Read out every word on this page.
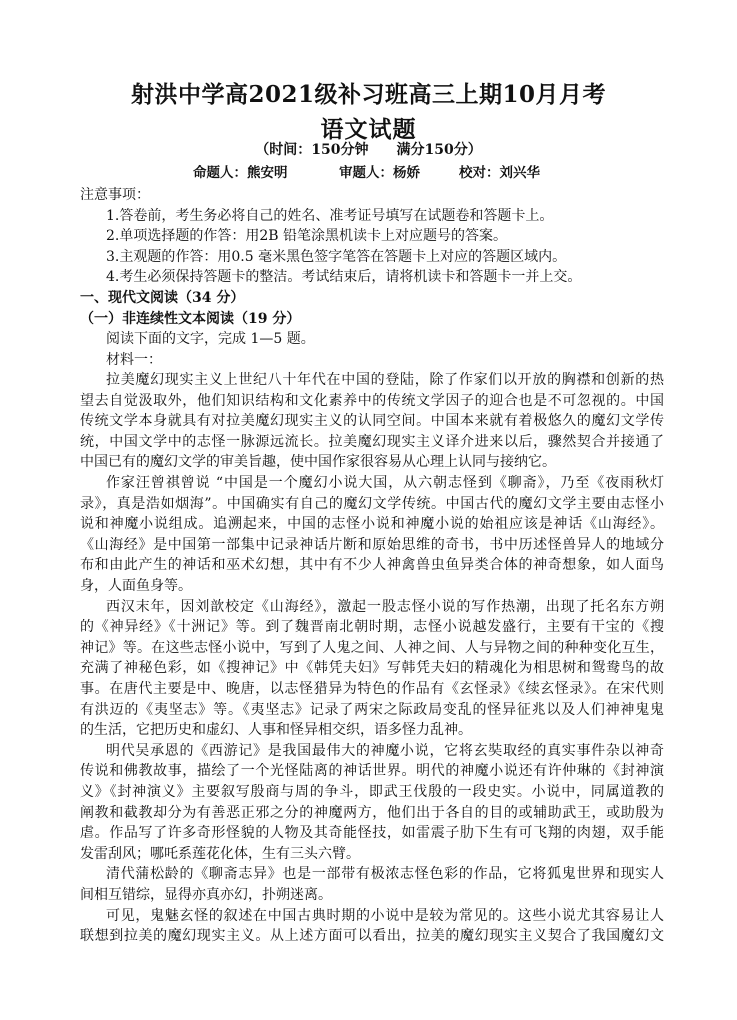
射洪中学高2021级补习班高三上期10月月考
语文试题
（时间：150分钟　　满分150分）
命题人：熊安明	审题人：杨娇	校对：刘兴华
注意事项：
1.答卷前，考生务必将自己的姓名、准考证号填写在试题卷和答题卡上。
2.单项选择题的作答：用2B 铅笔涂黑机读卡上对应题号的答案。
3.主观题的作答：用0.5 毫米黑色签字笔答在答题卡上对应的答题区域内。
4.考生必须保持答题卡的整洁。考试结束后，请将机读卡和答题卡一并上交。
一、现代文阅读（34 分）
（一）非连续性文本阅读（19 分）
阅读下面的文字，完成 1—5 题。
材料一：
拉美魔幻现实主义上世纪八十年代在中国的登陆，除了作家们以开放的胸襟和创新的热
望去自觉汲取外，他们知识结构和文化素养中的传统文学因子的迎合也是不可忽视的。中国
传统文学本身就具有对拉美魔幻现实主义的认同空间。中国本来就有着极悠久的魔幻文学传
统，中国文学中的志怪一脉源远流长。拉美魔幻现实主义译介进来以后，骤然契合并接通了
中国已有的魔幻文学的审美旨趣，使中国作家很容易从心理上认同与接纳它。
作家汪曾祺曾说 “中国是一个魔幻小说大国，从六朝志怪到《聊斋》，乃至《夜雨秋灯
录》，真是浩如烟海”。中国确实有自己的魔幻文学传统。中国古代的魔幻文学主要由志怪小
说和神魔小说组成。追溯起来，中国的志怪小说和神魔小说的始祖应该是神话《山海经》。
《山海经》是中国第一部集中记录神话片断和原始思维的奇书，书中历述怪兽异人的地域分
布和由此产生的神话和巫术幻想，其中有不少人神禽兽虫鱼异类合体的神奇想象，如人面鸟
身，人面鱼身等。
西汉末年，因刘歆校定《山海经》，激起一股志怪小说的写作热潮，出现了托名东方朔
的《神异经》《十洲记》等。到了魏晋南北朝时期，志怪小说越发盛行，主要有干宝的《搜
神记》等。在这些志怪小说中，写到了人鬼之间、人神之间、人与异物之间的种种变化互生，
充满了神秘色彩，如《搜神记》中《韩凭夫妇》写韩凭夫妇的精魂化为相思树和鸳鸯鸟的故
事。在唐代主要是中、晚唐，以志怪猎异为特色的作品有《玄怪录》《续玄怪录》。在宋代则
有洪迈的《夷坚志》等。《夷坚志》记录了两宋之际政局变乱的怪异征兆以及人们神神鬼鬼
的生活，它把历史和虚幻、人事和怪异相交织，语多怪力乱神。
明代吴承恩的《西游记》是我国最伟大的神魔小说，它将玄奘取经的真实事件杂以神奇
传说和佛教故事，描绘了一个光怪陆离的神话世界。明代的神魔小说还有许仲琳的《封神演
义》《封神演义》主要叙写殷商与周的争斗，即武王伐殷的一段史实。小说中，同属道教的
阐教和截教却分为有善恶正邪之分的神魔两方，他们出于各自的目的或辅助武王，或助殷为
虐。作品写了许多奇形怪貌的人物及其奇能怪技，如雷震子肋下生有可飞翔的肉翅，双手能
发雷刮风；哪吒系莲花化体，生有三头六臂。
清代蒲松龄的《聊斋志异》也是一部带有极浓志怪色彩的作品，它将狐鬼世界和现实人
间相互错综，显得亦真亦幻，扑朔迷离。
可见，鬼魅玄怪的叙述在中国古典时期的小说中是较为常见的。这些小说尤其容易让人
联想到拉美的魔幻现实主义。从上述方面可以看出，拉美的魔幻现实主义契合了我国魔幻文
